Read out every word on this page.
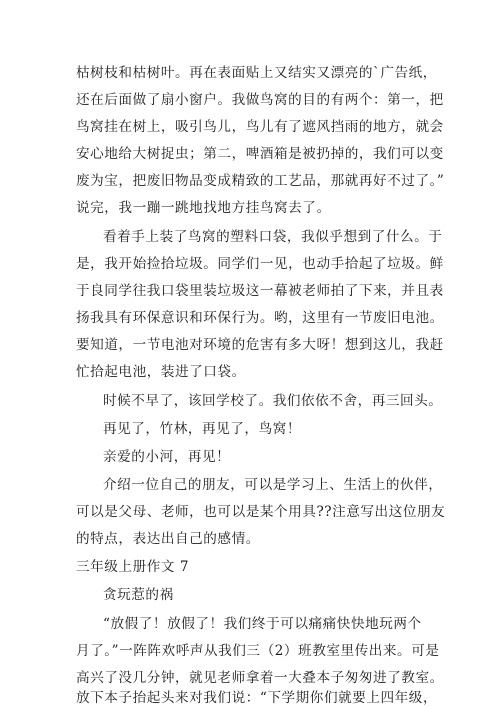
枯树枝和枯树叶。再在表面贴上又结实又漂亮的`广告纸，
还在后面做了扇小窗户。我做鸟窝的目的有两个：第一，把
鸟窝挂在树上，吸引鸟儿，鸟儿有了遮风挡雨的地方，就会
安心地给大树捉虫；第二，啤酒箱是被扔掉的，我们可以变
废为宝，把废旧物品变成精致的工艺品，那就再好不过了。”
说完，我一蹦一跳地找地方挂鸟窝去了。
看着手上装了鸟窝的塑料口袋，我似乎想到了什么。于
是，我开始捡拾垃圾。同学们一见，也动手拾起了垃圾。鲜
于良同学往我口袋里装垃圾这一幕被老师拍了下来，并且表
扬我具有环保意识和环保行为。哟，这里有一节废旧电池。
要知道，一节电池对环境的危害有多大呀！想到这儿，我赶
忙拾起电池，装进了口袋。
时候不早了，该回学校了。我们依依不舍，再三回头。
再见了，竹林，再见了，鸟窝！
亲爱的小河，再见！
介绍一位自己的朋友，可以是学习上、生活上的伙伴，
可以是父母、老师，也可以是某个用具??注意写出这位朋友
的特点，表达出自己的感情。
三年级上册作文 7
贪玩惹的祸
“放假了！放假了！我们终于可以痛痛快快地玩两个
月了。”一阵阵欢呼声从我们三（2）班教室里传出来。可是
高兴了没几分钟，就见老师拿着一大叠本子匆匆进了教室。
放下本子抬起头来对我们说：“下学期你们就要上四年级，
